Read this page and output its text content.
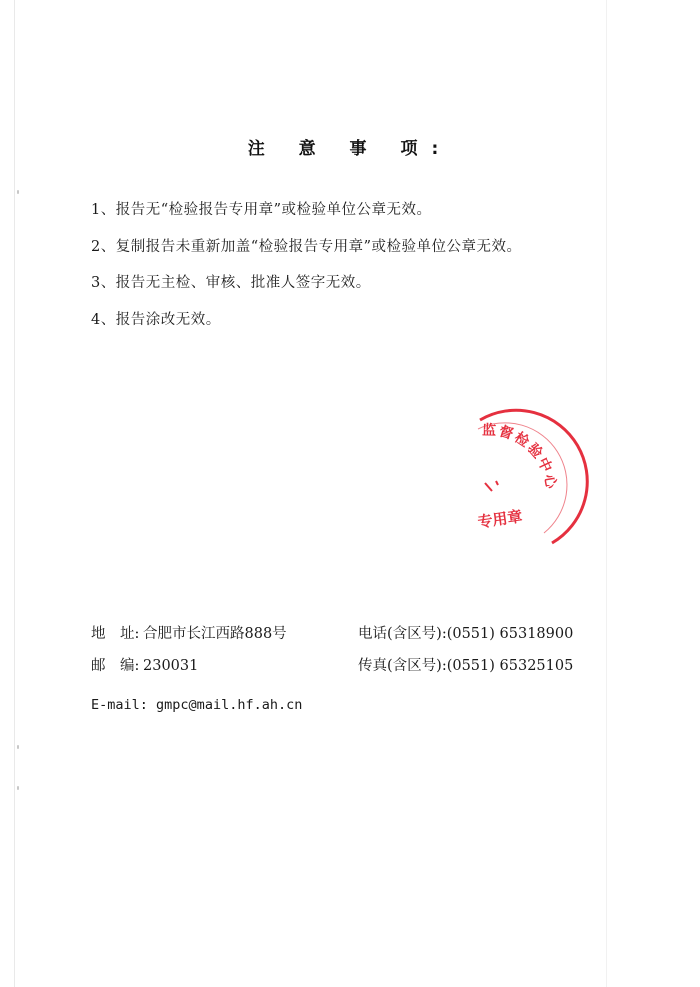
注 意 事 项:
1、报告无“检验报告专用章”或检验单位公章无效。
2、复制报告未重新加盖“检验报告专用章”或检验单位公章无效。
3、报告无主检、审核、批准人签字无效。
4、报告涂改无效。
监督检验中心
专用章
地　址: 合肥市长江西路888号	电话(含区号):(0551) 65318900
邮　编: 230031	传真(含区号):(0551) 65325105
E-mail: gmpc@mail.hf.ah.cn
